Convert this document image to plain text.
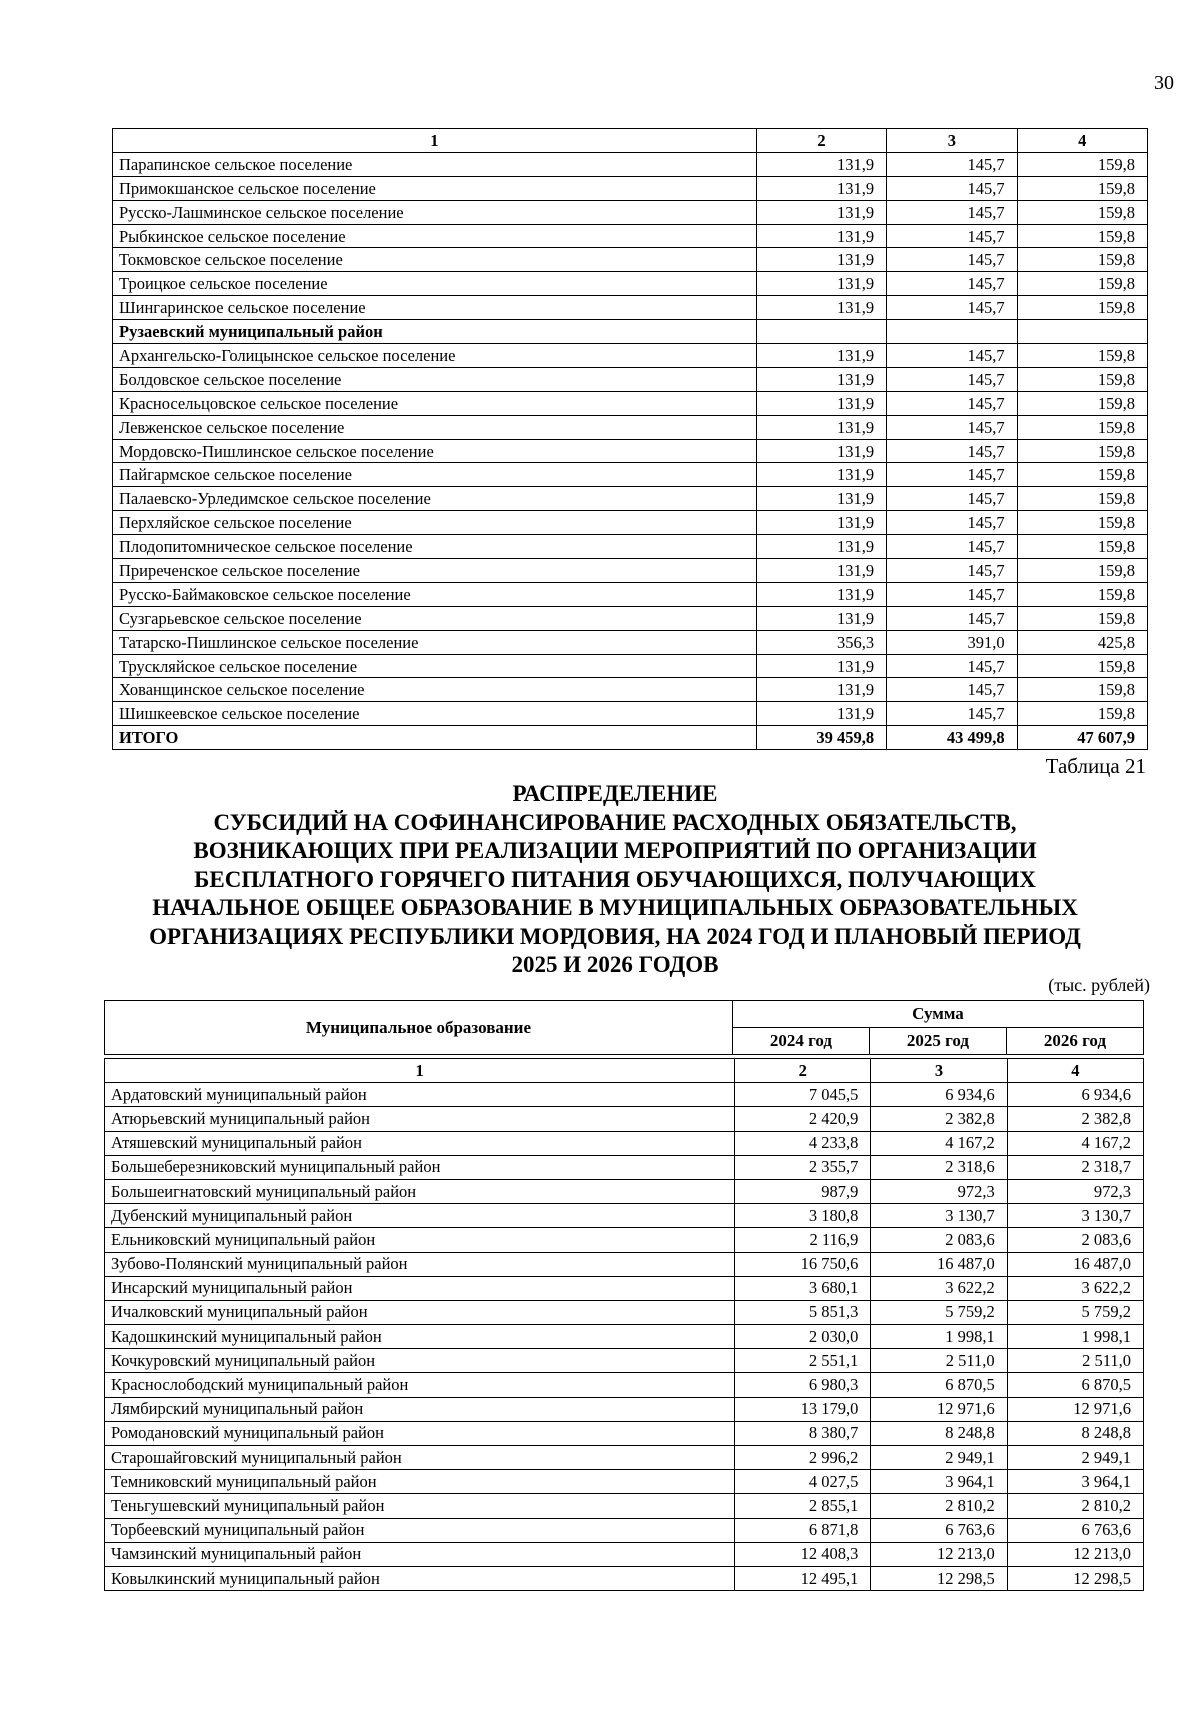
30
1	2	3	4
Парапинское сельское поселение	131,9	145,7	159,8
Примокшанское сельское поселение	131,9	145,7	159,8
Русско-Лашминское сельское поселение	131,9	145,7	159,8
Рыбкинское сельское поселение	131,9	145,7	159,8
Токмовское сельское поселение	131,9	145,7	159,8
Троицкое сельское поселение	131,9	145,7	159,8
Шингаринское сельское поселение	131,9	145,7	159,8
Рузаевский муниципальный район			
Архангельско-Голицынское сельское поселение	131,9	145,7	159,8
Болдовское сельское поселение	131,9	145,7	159,8
Красносельцовское сельское поселение	131,9	145,7	159,8
Левженское сельское поселение	131,9	145,7	159,8
Мордовско-Пишлинское сельское поселение	131,9	145,7	159,8
Пайгармское сельское поселение	131,9	145,7	159,8
Палаевско-Урледимское сельское поселение	131,9	145,7	159,8
Перхляйское сельское поселение	131,9	145,7	159,8
Плодопитомническое сельское поселение	131,9	145,7	159,8
Приреченское сельское поселение	131,9	145,7	159,8
Русско-Баймаковское сельское поселение	131,9	145,7	159,8
Сузгарьевское сельское поселение	131,9	145,7	159,8
Татарско-Пишлинское сельское поселение	356,3	391,0	425,8
Трускляйское сельское поселение	131,9	145,7	159,8
Хованщинское сельское поселение	131,9	145,7	159,8
Шишкеевское сельское поселение	131,9	145,7	159,8
ИТОГО	39 459,8	43 499,8	47 607,9
Таблица 21
РАСПРЕДЕЛЕНИЕ
СУБСИДИЙ НА СОФИНАНСИРОВАНИЕ РАСХОДНЫХ ОБЯЗАТЕЛЬСТВ,
ВОЗНИКАЮЩИХ ПРИ РЕАЛИЗАЦИИ МЕРОПРИЯТИЙ ПО ОРГАНИЗАЦИИ
БЕСПЛАТНОГО ГОРЯЧЕГО ПИТАНИЯ ОБУЧАЮЩИХСЯ, ПОЛУЧАЮЩИХ
НАЧАЛЬНОЕ ОБЩЕЕ ОБРАЗОВАНИЕ В МУНИЦИПАЛЬНЫХ ОБРАЗОВАТЕЛЬНЫХ
ОРГАНИЗАЦИЯХ РЕСПУБЛИКИ МОРДОВИЯ, НА 2024 ГОД И ПЛАНОВЫЙ ПЕРИОД
2025 И 2026 ГОДОВ
(тыс. рублей)
Муниципальное образование	Сумма		
	2024 год	2025 год	2026 год
1	2	3	4
Ардатовский муниципальный район	7 045,5	6 934,6	6 934,6
Атюрьевский муниципальный район	2 420,9	2 382,8	2 382,8
Атяшевский муниципальный район	4 233,8	4 167,2	4 167,2
Большеберезниковский муниципальный район	2 355,7	2 318,6	2 318,7
Большеигнатовский муниципальный район	987,9	972,3	972,3
Дубенский муниципальный район	3 180,8	3 130,7	3 130,7
Ельниковский муниципальный район	2 116,9	2 083,6	2 083,6
Зубово-Полянский муниципальный район	16 750,6	16 487,0	16 487,0
Инсарский муниципальный район	3 680,1	3 622,2	3 622,2
Ичалковский муниципальный район	5 851,3	5 759,2	5 759,2
Кадошкинский муниципальный район	2 030,0	1 998,1	1 998,1
Кочкуровский муниципальный район	2 551,1	2 511,0	2 511,0
Краснослободский муниципальный район	6 980,3	6 870,5	6 870,5
Лямбирский муниципальный район	13 179,0	12 971,6	12 971,6
Ромодановский муниципальный район	8 380,7	8 248,8	8 248,8
Старошайговский муниципальный район	2 996,2	2 949,1	2 949,1
Темниковский муниципальный район	4 027,5	3 964,1	3 964,1
Теньгушевский муниципальный район	2 855,1	2 810,2	2 810,2
Торбеевский муниципальный район	6 871,8	6 763,6	6 763,6
Чамзинский муниципальный район	12 408,3	12 213,0	12 213,0
Ковылкинский муниципальный район	12 495,1	12 298,5	12 298,5
